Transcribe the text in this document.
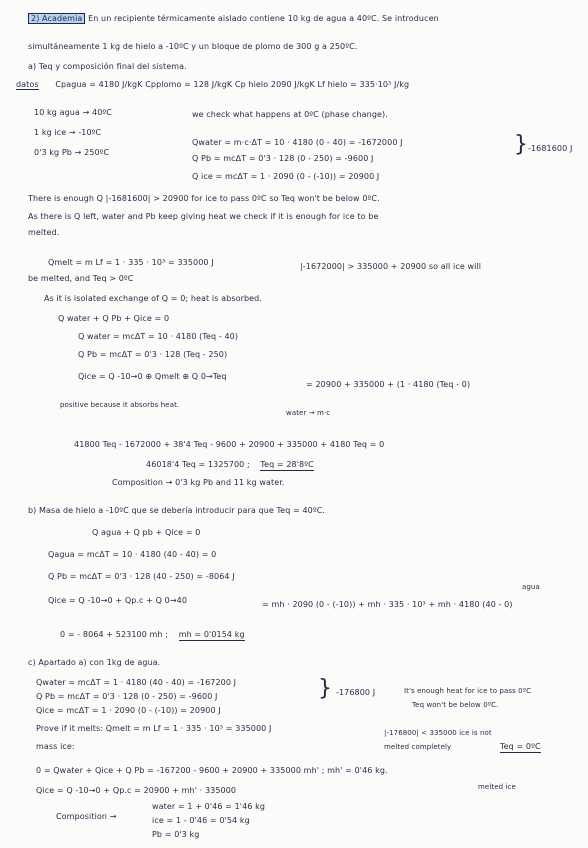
2) Academia En un recipiente térmicamente aislado contiene 10 kg de agua a 40ºC. Se introducen
simultáneamente 1 kg de hielo a -10ºC y un bloque de plomo de 300 g a 250ºC.
a) Teq y composición final del sistema.
datos Cpagua = 4180 J/kgK Cpplomo = 128 J/kgK Cp hielo 2090 J/kgK Lf hielo = 335·10³ J/kg
10 kg agua → 40ºC
1 kg ice → -10ºC
0'3 kg Pb → 250ºC
we check what happens at 0ºC (phase change).
Qwater = m·c·ΔT = 10 · 4180 (0 - 40) = -1672000 J
Q Pb = mcΔT = 0'3 · 128 (0 - 250) = -9600 J
Q ice = mcΔT = 1 · 2090 (0 - (-10)) = 20900 J
} -1681600 J
There is enough Q |-1681600| > 20900 for ice to pass 0ºC so Teq won't be below 0ºC.
As there is Q left, water and Pb keep giving heat we check if it is enough for ice to be
melted.
Qmelt = m Lf = 1 · 335 · 10³ = 335000 J	|-1672000| > 335000 + 20900 so all ice will
be melted, and Teq > 0ºC
As it is isolated exchange of Q = 0; heat is absorbed.
Q water + Q Pb + Qice = 0
Q water = mcΔT = 10 · 4180 (Teq - 40)
Q Pb = mcΔT = 0'3 · 128 (Teq - 250)
Qice = Q -10→0 ⊕ Qmelt ⊕ Q 0→Teq
= 20900 + 335000 + (1 · 4180 (Teq - 0)
positive because it absorbs heat.
water → m·c
41800 Teq - 1672000 + 38'4 Teq - 9600 + 20900 + 335000 + 4180 Teq = 0
46018'4 Teq = 1325700 ; Teq = 28'8ºC
Composition → 0'3 kg Pb and 11 kg water.
b) Masa de hielo a -10ºC que se debería introducir para que Teq = 40ºC.
Q agua + Q pb + Qice = 0
Qagua = mcΔT = 10 · 4180 (40 - 40) = 0
Q Pb = mcΔT = 0'3 · 128 (40 - 250) = -8064 J
agua
Qice = Q -10→0 + Qp.c + Q 0→40	= mh · 2090 (0 - (-10)) + mh · 335 · 10³ + mh · 4180 (40 - 0)
0 = - 8064 + 523100 mh ; mh = 0'0154 kg
c) Apartado a) con 1kg de agua.
Qwater = mcΔT = 1 · 4180 (40 - 40) = -167200 J
Q Pb = mcΔT = 0'3 · 128 (0 - 250) = -9600 J
Qice = mcΔT = 1 · 2090 (0 - (-10)) = 20900 J
} -176800 J	It's enough heat for ice to pass 0ºC
Teq won't be below 0ºC.
Prove if it melts: Qmelt = m Lf = 1 · 335 · 10³ = 335000 J	|-176800| < 335000 ice is not
mass ice:	melted completely	Teq = 0ºC
0 = Qwater + Qice + Q Pb = -167200 - 9600 + 20900 + 335000 mh' ; mh' = 0'46 kg.
melted ice
Qice = Q -10→0 + Qp.c = 20900 + mh' · 335000
Composition →
water = 1 + 0'46 = 1'46 kg
ice = 1 - 0'46 = 0'54 kg
Pb = 0'3 kg
